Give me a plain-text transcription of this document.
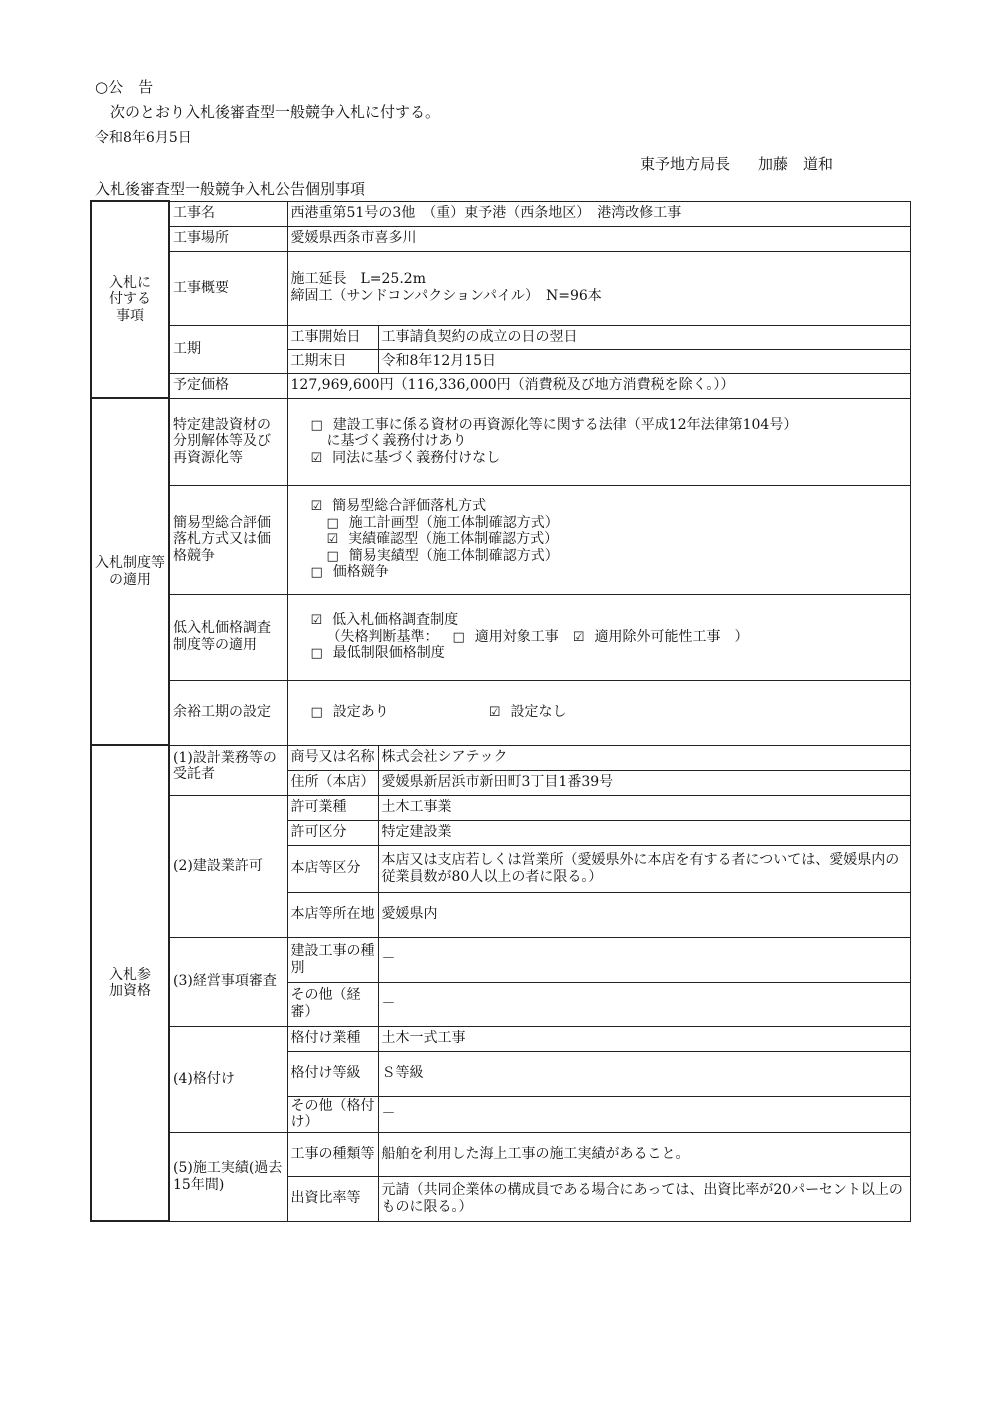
○公　告
次のとおり入札後審査型一般競争入札に付する。
令和8年6月5日
東予地方局長 加藤　道和
入札後審査型一般競争入札公告個別事項
入札に付する事項	工事名	西港重第51号の3他　（重）東予港（西条地区）　港湾改修工事	
	工事場所	愛媛県西条市喜多川	
	工事概要	施工延長　L=25.2m
締固工（サンドコンパクションパイル）　N=96本	

	工期	工事開始日	工事請負契約の成立の日の翌日
		工期末日	令和8年12月15日
	予定価格	127,969,600円（116,336,000円（消費税及び地方消費税を除く。））	
入札制度等の適用	特定建設資材の分別解体等及び再資源化等	□ 建設工事に係る資材の再資源化等に関する法律（平成12年法律第104号）
に基づく義務付けあり
☑ 同法に基づく義務付けなし	

	簡易型総合評価落札方式又は価格競争	☑ 簡易型総合評価落札方式
□ 施工計画型（施工体制確認方式）
☑ 実績確認型（施工体制確認方式）
□ 簡易実績型（施工体制確認方式）
□ 価格競争	

	低入札価格調査制度等の適用	☑ 低入札価格調査制度
（失格判断基準： □ 適用対象工事 ☑ 適用除外可能性工事　）
□ 最低制限価格制度	

	余裕工期の設定	□ 設定あり ☑ 設定なし	

入札参加資格	(1)設計業務等の受託者	商号又は名称	株式会社シアテック
		住所（本店）	愛媛県新居浜市新田町3丁目1番39号
	(2)建設業許可	許可業種	土木工事業
		許可区分	特定建設業
		本店等区分	本店又は支店若しくは営業所（愛媛県外に本店を有する者については、愛媛県内の従業員数が80人以上の者に限る。）
		本店等所在地	愛媛県内
	(3)経営事項審査	建設工事の種別	－
		その他（経審）	－
	(4)格付け	格付け業種	土木一式工事
		格付け等級	Ｓ等級
		その他（格付け）	－
	(5)施工実績(過去15年間)	工事の種類等	船舶を利用した海上工事の施工実績があること。
		出資比率等	元請（共同企業体の構成員である場合にあっては、出資比率が20パーセント以上のものに限る。）
